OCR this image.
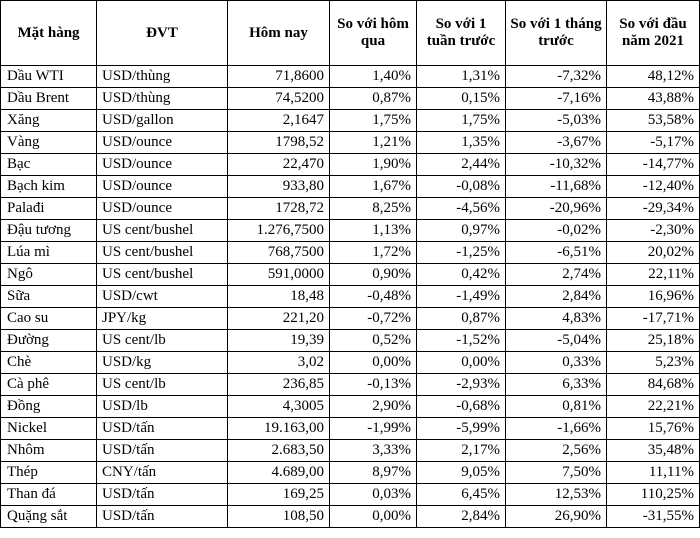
Mặt hàng	ĐVT	Hôm nay	So với hôm qua	So với 1 tuần trước	So với 1 tháng trước	So với đầu năm 2021
Dầu WTI	USD/thùng	71,8600	1,40%	1,31%	-7,32%	48,12%
Dầu Brent	USD/thùng	74,5200	0,87%	0,15%	-7,16%	43,88%
Xăng	USD/gallon	2,1647	1,75%	1,75%	-5,03%	53,58%
Vàng	USD/ounce	1798,52	1,21%	1,35%	-3,67%	-5,17%
Bạc	USD/ounce	22,470	1,90%	2,44%	-10,32%	-14,77%
Bạch kim	USD/ounce	933,80	1,67%	-0,08%	-11,68%	-12,40%
Palađi	USD/ounce	1728,72	8,25%	-4,56%	-20,96%	-29,34%
Đậu tương	US cent/bushel	1.276,7500	1,13%	0,97%	-0,02%	-2,30%
Lúa mì	US cent/bushel	768,7500	1,72%	-1,25%	-6,51%	20,02%
Ngô	US cent/bushel	591,0000	0,90%	0,42%	2,74%	22,11%
Sữa	USD/cwt	18,48	-0,48%	-1,49%	2,84%	16,96%
Cao su	JPY/kg	221,20	-0,72%	0,87%	4,83%	-17,71%
Đường	US cent/lb	19,39	0,52%	-1,52%	-5,04%	25,18%
Chè	USD/kg	3,02	0,00%	0,00%	0,33%	5,23%
Cà phê	US cent/lb	236,85	-0,13%	-2,93%	6,33%	84,68%
Đồng	USD/lb	4,3005	2,90%	-0,68%	0,81%	22,21%
Nickel	USD/tấn	19.163,00	-1,99%	-5,99%	-1,66%	15,76%
Nhôm	USD/tấn	2.683,50	3,33%	2,17%	2,56%	35,48%
Thép	CNY/tấn	4.689,00	8,97%	9,05%	7,50%	11,11%
Than đá	USD/tấn	169,25	0,03%	6,45%	12,53%	110,25%
Quặng sắt	USD/tấn	108,50	0,00%	2,84%	26,90%	-31,55%
